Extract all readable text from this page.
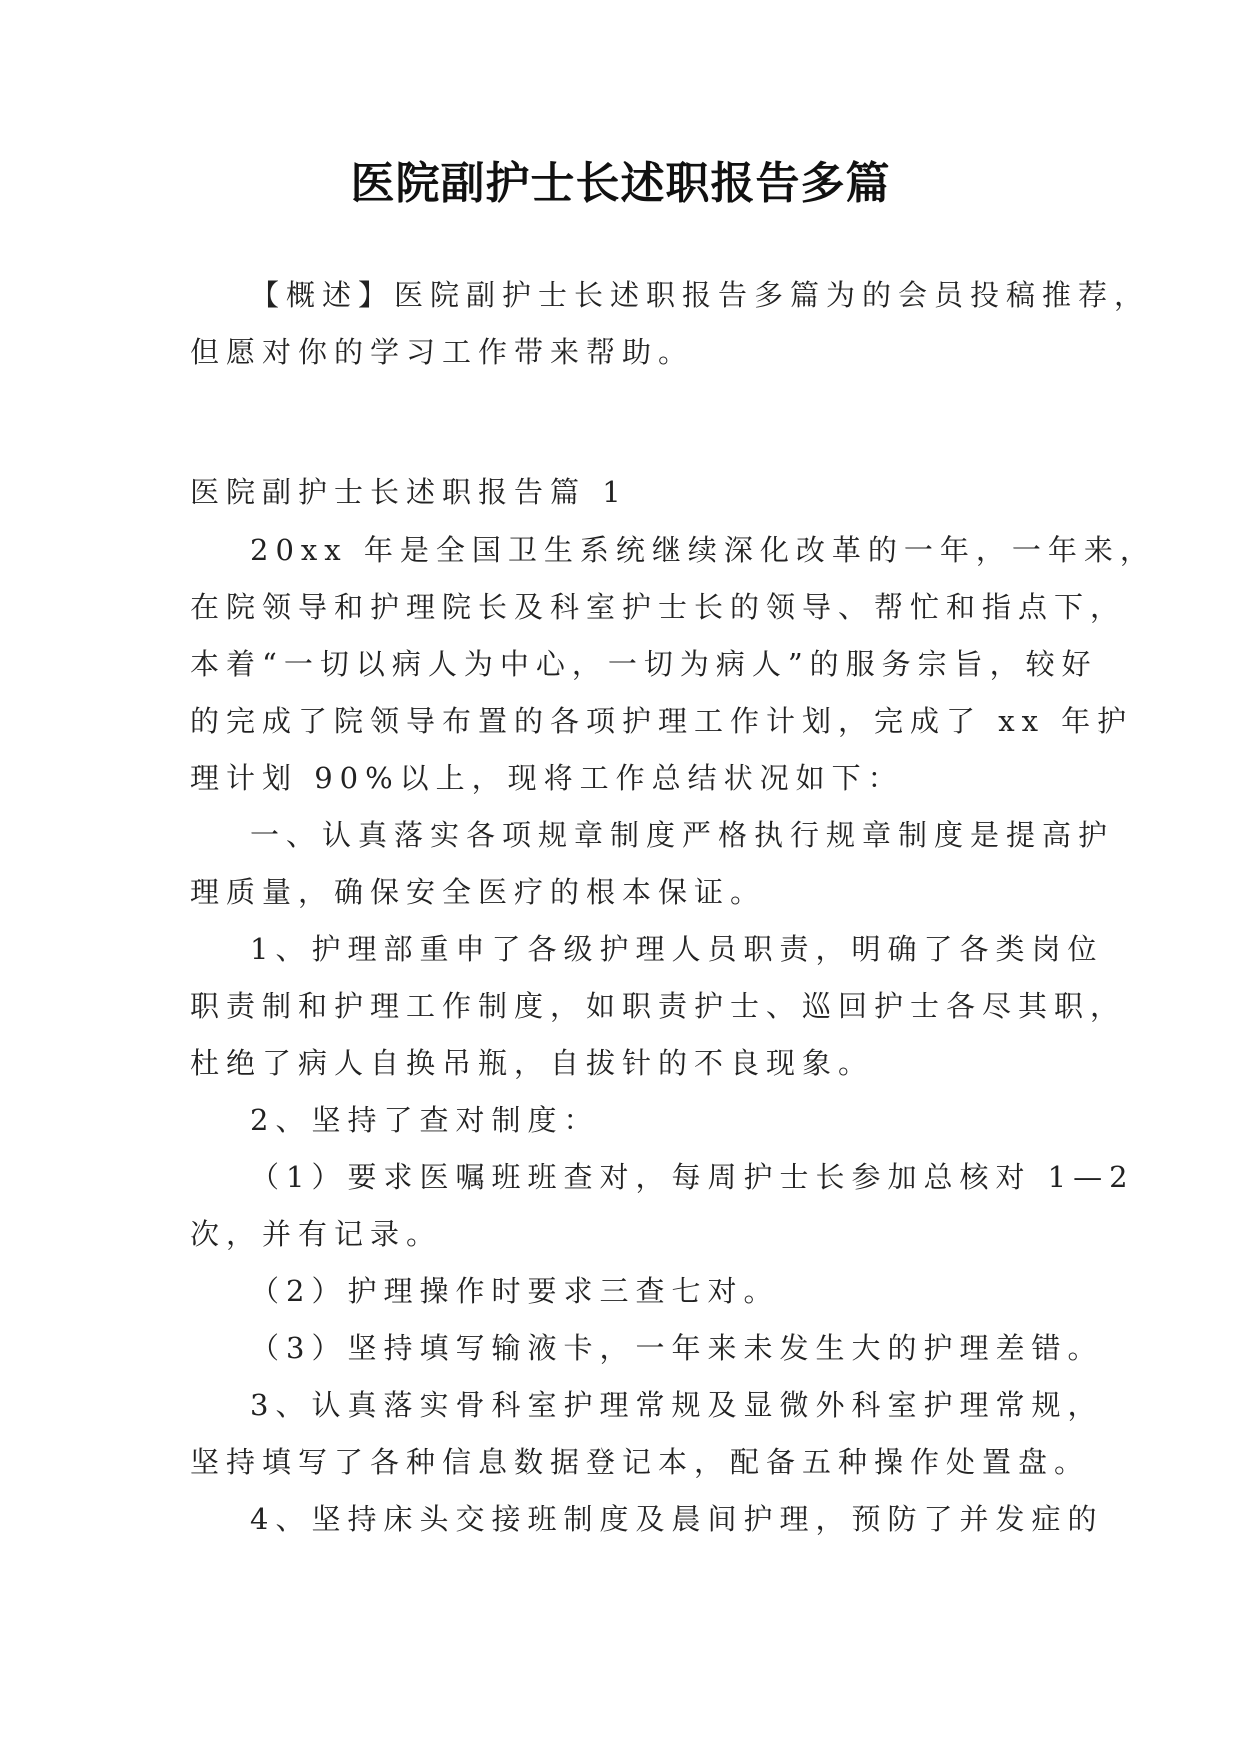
医院副护士长述职报告多篇
【概述】医院副护士长述职报告多篇为的会员投稿推荐，
但愿对你的学习工作带来帮助。
医院副护士长述职报告篇 1
20xx 年是全国卫生系统继续深化改革的一年，一年来，
在院领导和护理院长及科室护士长的领导、帮忙和指点下，
本着“一切以病人为中心，一切为病人”的服务宗旨，较好
的完成了院领导布置的各项护理工作计划，完成了 xx 年护
理计划 90%以上，现将工作总结状况如下：
一、认真落实各项规章制度严格执行规章制度是提高护
理质量，确保安全医疗的根本保证。
1、护理部重申了各级护理人员职责，明确了各类岗位
职责制和护理工作制度，如职责护士、巡回护士各尽其职，
杜绝了病人自换吊瓶，自拔针的不良现象。
2、坚持了查对制度：
（1）要求医嘱班班查对，每周护士长参加总核对 1—2
次，并有记录。
（2）护理操作时要求三查七对。
（3）坚持填写输液卡，一年来未发生大的护理差错。
3、认真落实骨科室护理常规及显微外科室护理常规，
坚持填写了各种信息数据登记本，配备五种操作处置盘。
4、坚持床头交接班制度及晨间护理，预防了并发症的
